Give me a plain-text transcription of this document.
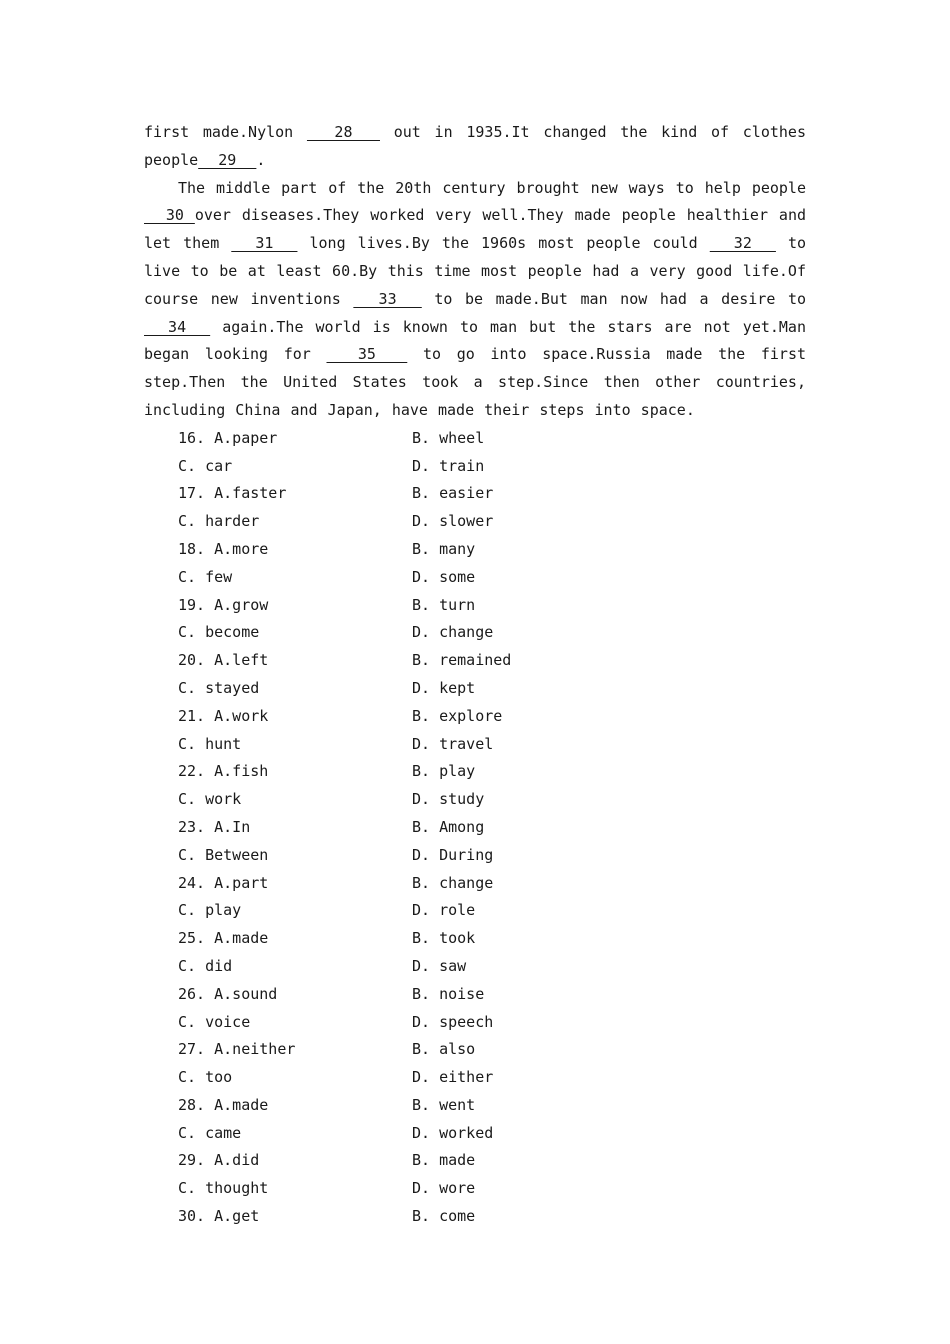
first made.Nylon   28   out in 1935.It changed the kind of clothes people  29  .
The middle part of the 20th century brought new ways to help people   30 over diseases.They worked very well.They made people healthier and let them   31   long lives.By the 1960s most people could   32   to live to be at least 60.By this time most people had a very good life.Of course new inventions   33   to be made.But man now had a desire to   34   again.The world is known to man but the stars are not yet.Man began looking for   35   to go into space.Russia made the first step.Then the United States took a step.Since then other countries, including China and Japan, have made their steps into space.
16. A.paper	B. wheel
C. car	D. train
17. A.faster	B. easier
C. harder	D. slower
18. A.more	B. many
C. few	D. some
19. A.grow	B. turn
C. become	D. change
20. A.left	B. remained
C. stayed	D. kept
21. A.work	B. explore
C. hunt	D. travel
22. A.fish	B. play
C. work	D. study
23. A.In	B. Among
C. Between	D. During
24. A.part	B. change
C. play	D. role
25. A.made	B. took
C. did	D. saw
26. A.sound	B. noise
C. voice	D. speech
27. A.neither	B. also
C. too	D. either
28. A.made	B. went
C. came	D. worked
29. A.did	B. made
C. thought	D. wore
30. A.get	B. come
